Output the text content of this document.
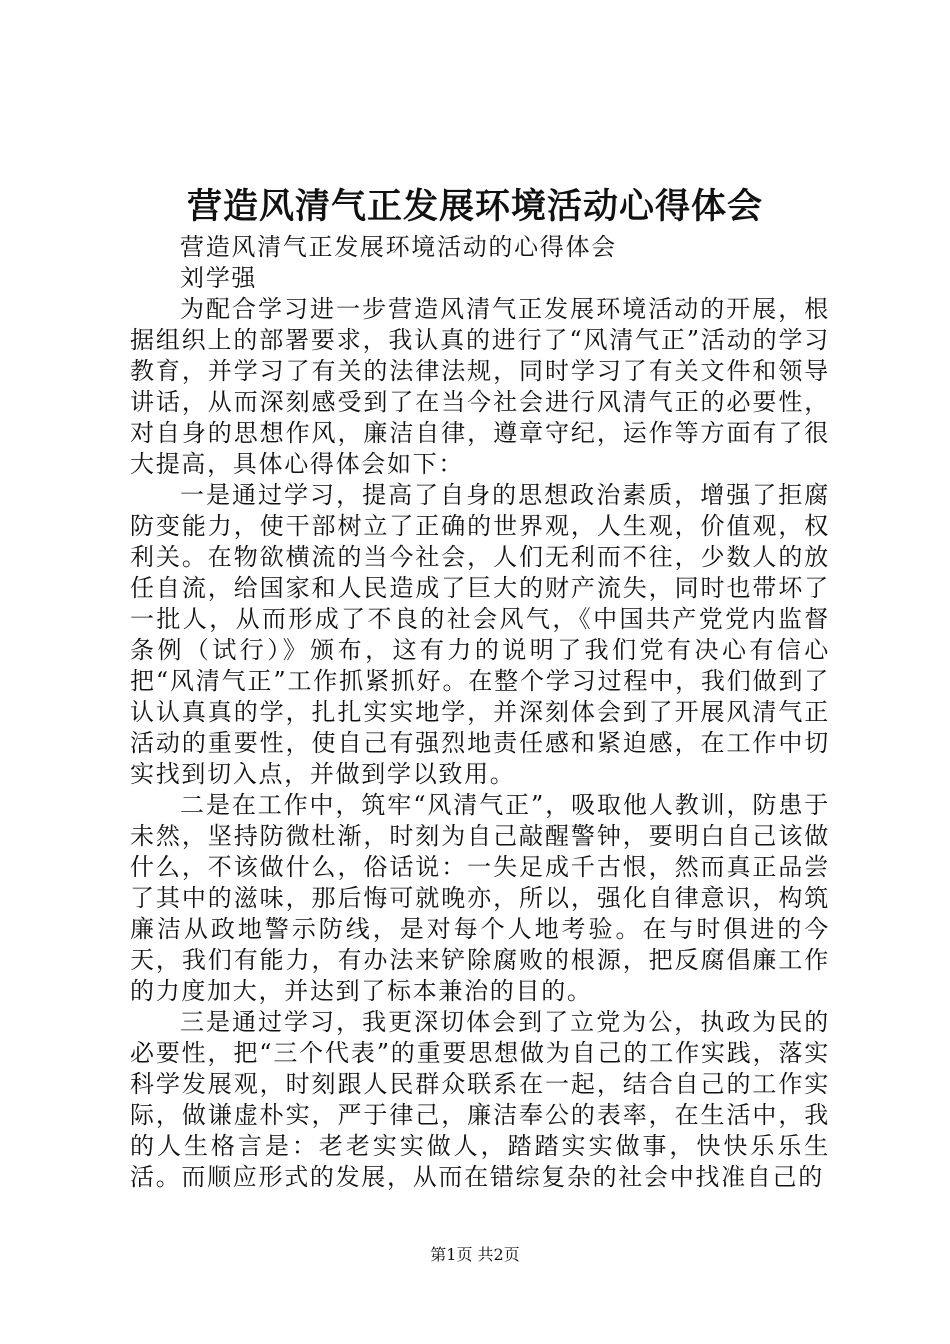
营造风清气正发展环境活动心得体会

营造风清气正发展环境活动的心得体会

刘学强

为配合学习进一步营造风清气正发展环境活动的开展，根据组织上的部署要求，我认真的进行了“风清气正”活动的学习教育，并学习了有关的法律法规，同时学习了有关文件和领导讲话，从而深刻感受到了在当今社会进行风清气正的必要性，对自身的思想作风，廉洁自律，遵章守纪，运作等方面有了很大提高，具体心得体会如下：

一是通过学习，提高了自身的思想政治素质，增强了拒腐防变能力，使干部树立了正确的世界观，人生观，价值观，权利关。在物欲横流的当今社会，人们无利而不往，少数人的放任自流，给国家和人民造成了巨大的财产流失，同时也带坏了一批人，从而形成了不良的社会风气，《中国共产党党内监督条例（试行）》颁布，这有力的说明了我们党有决心有信心把“风清气正”工作抓紧抓好。在整个学习过程中，我们做到了认认真真的学，扎扎实实地学，并深刻体会到了开展风清气正活动的重要性，使自己有强烈地责任感和紧迫感，在工作中切实找到切入点，并做到学以致用。

二是在工作中，筑牢“风清气正”，吸取他人教训，防患于未然，坚持防微杜渐，时刻为自己敲醒警钟，要明白自己该做什么，不该做什么，俗话说：一失足成千古恨，然而真正品尝了其中的滋味，那后悔可就晚亦，所以，强化自律意识，构筑廉洁从政地警示防线，是对每个人地考验。在与时俱进的今天，我们有能力，有办法来铲除腐败的根源，把反腐倡廉工作的力度加大，并达到了标本兼治的目的。

三是通过学习，我更深切体会到了立党为公，执政为民的必要性，把“三个代表”的重要思想做为自己的工作实践，落实科学发展观，时刻跟人民群众联系在一起，结合自己的工作实际，做谦虚朴实，严于律己，廉洁奉公的表率，在生活中，我的人生格言是：老老实实做人，踏踏实实做事，快快乐乐生活。而顺应形式的发展，从而在错综复杂的社会中找准自己的

第1页 共2页
